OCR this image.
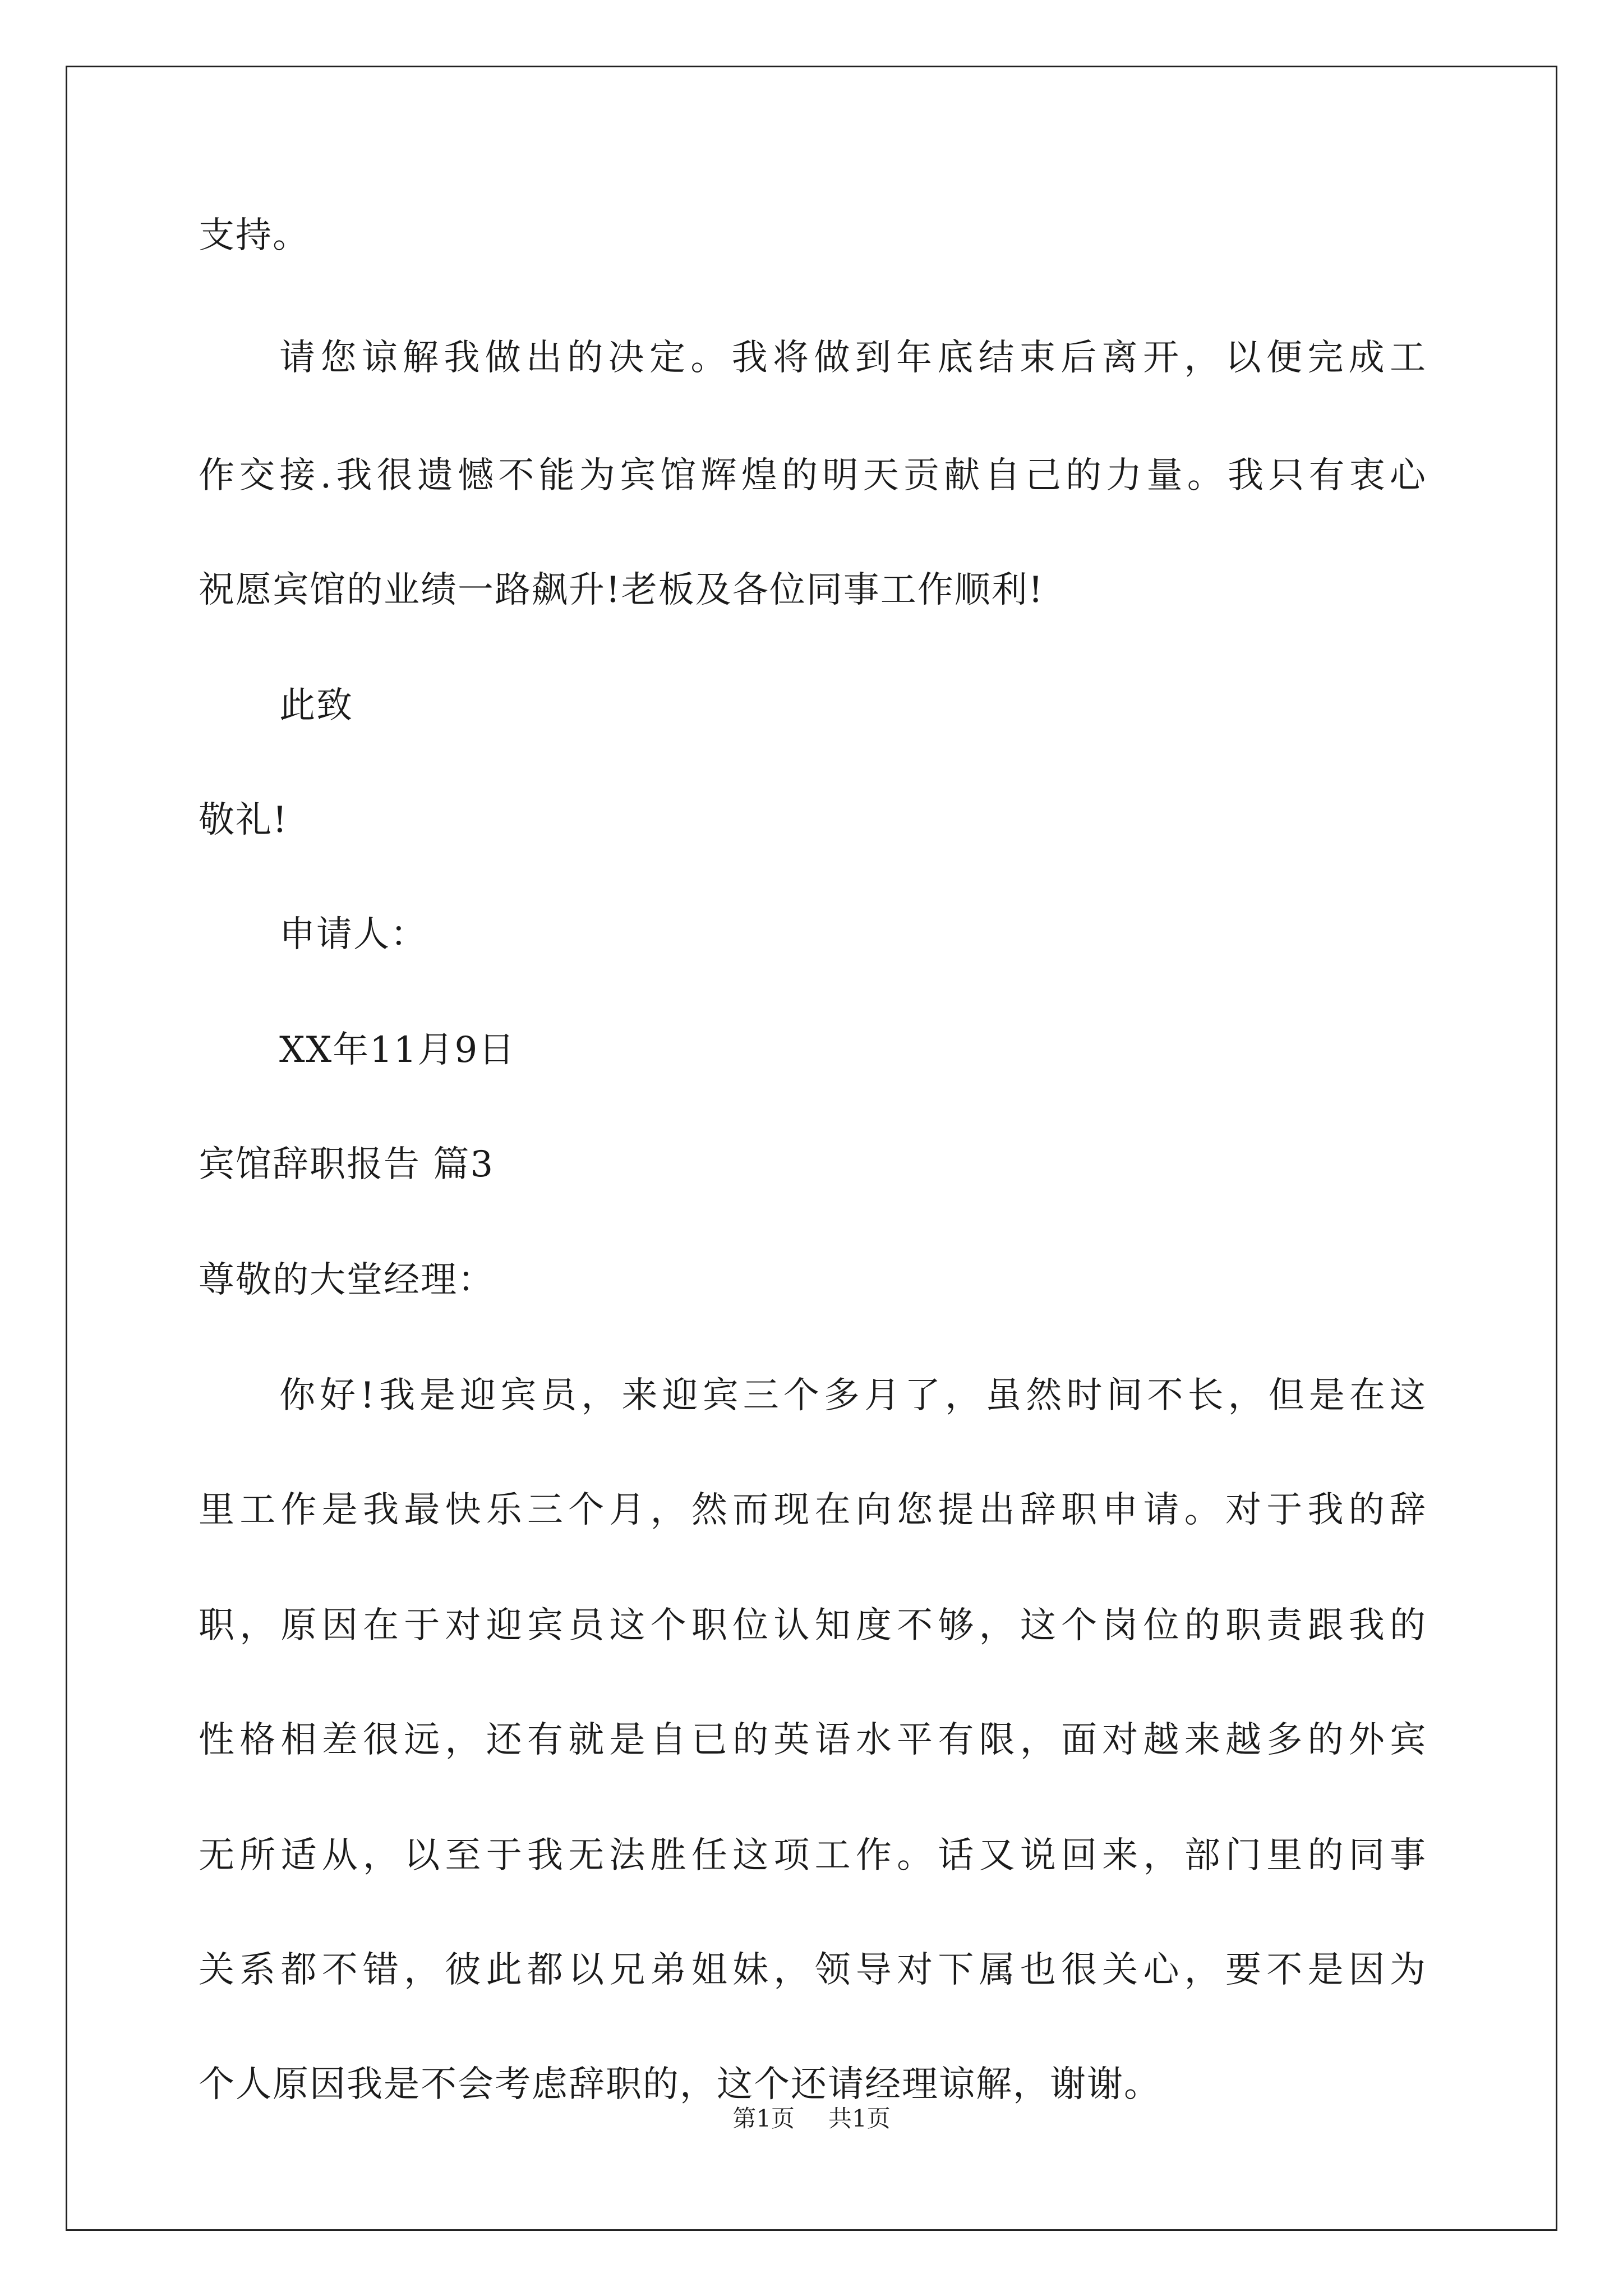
支持。
请您谅解我做出的决定。我将做到年底结束后离开，以便完成工
作交接.我很遗憾不能为宾馆辉煌的明天贡献自己的力量。我只有衷心
祝愿宾馆的业绩一路飙升!老板及各位同事工作顺利!
此致
敬礼!
申请人：
XX年11月9日
宾馆辞职报告 篇3
尊敬的大堂经理：
你好!我是迎宾员，来迎宾三个多月了，虽然时间不长，但是在这
里工作是我最快乐三个月，然而现在向您提出辞职申请。对于我的辞
职，原因在于对迎宾员这个职位认知度不够，这个岗位的职责跟我的
性格相差很远，还有就是自已的英语水平有限，面对越来越多的外宾
无所适从，以至于我无法胜任这项工作。话又说回来，部门里的同事
关系都不错，彼此都以兄弟姐妹，领导对下属也很关心，要不是因为
个人原因我是不会考虑辞职的，这个还请经理谅解，谢谢。
第1页 共1页
